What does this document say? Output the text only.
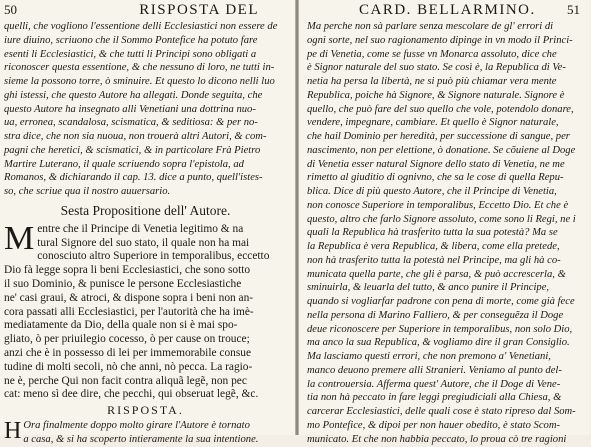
50	RISPOSTA DEL
quelli, che vogliono l'essentione delli Ecclesiastici non essere de
iure diuino, scriuono che il Sommo Pontefice ha potuto fare
esenti li Ecclesiastici, & che tutti li Principi sono obligati a
riconoscer questa essentione, & che nessuno di loro, ne tutti in-
sieme la possono torre, ò sminuire. Et questo lo dicono nelli luo
ghi istessi, che questo Autore ha allegati. Donde seguita, che
questo Autore ha insegnato alli Venetiani una dottrina nuo-
ua, erronea, scandalosa, scismatica, & seditiosa: & per no-
stra dice, che non sia nuoua, non trouerà altri Autori, & com-
pagni che heretici, & scismatici, & in particolare Frà Pietro
Martire Luterano, il quale scriuendo sopra l'epistola, ad
Romanos, & dichiarando il cap. 13. dice a punto, quell'istes-
so, che scriue qua il nostro auuersario.
Sesta Propositione dell' Autore.
M entre che il Principe di Venetia legitimo & na
tural Signore del suo stato, il quale non ha mai
conosciuto altro Superiore in temporalibus, eccetto
Dio fà legge sopra li beni Ecclesiastici, che sono sotto
il suo Dominio, & punisce le persone Ecclesiastiche
ne' casi graui, & atroci, & dispone sopra i beni non an-
cora passati alli Ecclesiastici, per l'autorità che ha imè-
mediatamente da Dio, della quale non si è mai spo-
gliato, ò per priuilegio cocesso, ò per cause on trouce;
anzi che è in possesso di lei per immemorabile consue
tudine di molti secoli, nò che anni, nò pecca. La ragio-
ne è, perche Qui non facit contra aliquã legẽ, non pec
cat: meno sì dee dire, che pecchi, qui obseruat legẽ, &c.
RISPOSTA.
H Ora finalmente doppo molto girare l'Autore è tornato
a casa, & si ha scoperto intieramente la sua intentione.
CARD. BELLARMINO. 51
Ma perche non sà parlare senza mescolare de gl' errori di
ogni sorte, nel suo ragionamento dipinge in vn modo il Princi-
pe di Venetia, come se fusse vn Monarca assoluto, dice che
è Signor naturale del suo stato. Se così è, la Republica di Ve-
netia ha persa la libertà, ne si può più chiamar vera mente
Republica, poiche hà Signore, & Signore naturale. Signore è
quello, che può fare del suo quello che vole, potendolo donare,
vendere, impegnare, cambiare. Et quello è Signor naturale,
che hail Dominio per heredità, per successione di sangue, per
nascimento, non per elettione, ò donatione. Se cõuiene al Doge
di Venetia esser natural Signore dello stato di Venetia, ne me
rimetto al giuditio di ognivno, che sa le cose di quella Repu-
blica. Dice di più questo Autore, che il Principe di Venetia,
non conosce Superiore in temporalibus, Eccetto Dio. Et che è
questo, altro che farlo Signore assoluto, come sono li Regi, ne i
quali la Republica hà trasferito tutta la sua potestà? Ma se
la Republica è vera Republica, & libera, come ella pretede,
non hà trasferito tutta la potestà nel Principe, ma gli hà co-
municata quella parte, che gli è parsa, & può accrescerla, &
sminuirla, & leuarla del tutto, & anco punire il Principe,
quando si vogliarfar padrone con pena di morte, come già fece
nella persona di Marino Falliero, & per conseguẽza il Doge
deue riconoscere per Superiore in temporalibus, non solo Dio,
ma anco la sua Republica, & vogliamo dire il gran Consiglio.
Ma lasciamo questi errori, che non premono a' Venetiani,
manco deuono premere alli Stranieri. Veniamo al punto del-
la controuersia. Afferma quest' Autore, che il Doge di Vene-
tia non hà peccato in fare leggi pregiudiciali alla Chiesa, &
carcerar Ecclesiastici, delle quali cose è stato ripreso dal Som-
mo Pontefice, & dipoi per non hauer obedito, è stato Scom-
municato. Et che non habbia peccato, lo proua cò tre ragioni
